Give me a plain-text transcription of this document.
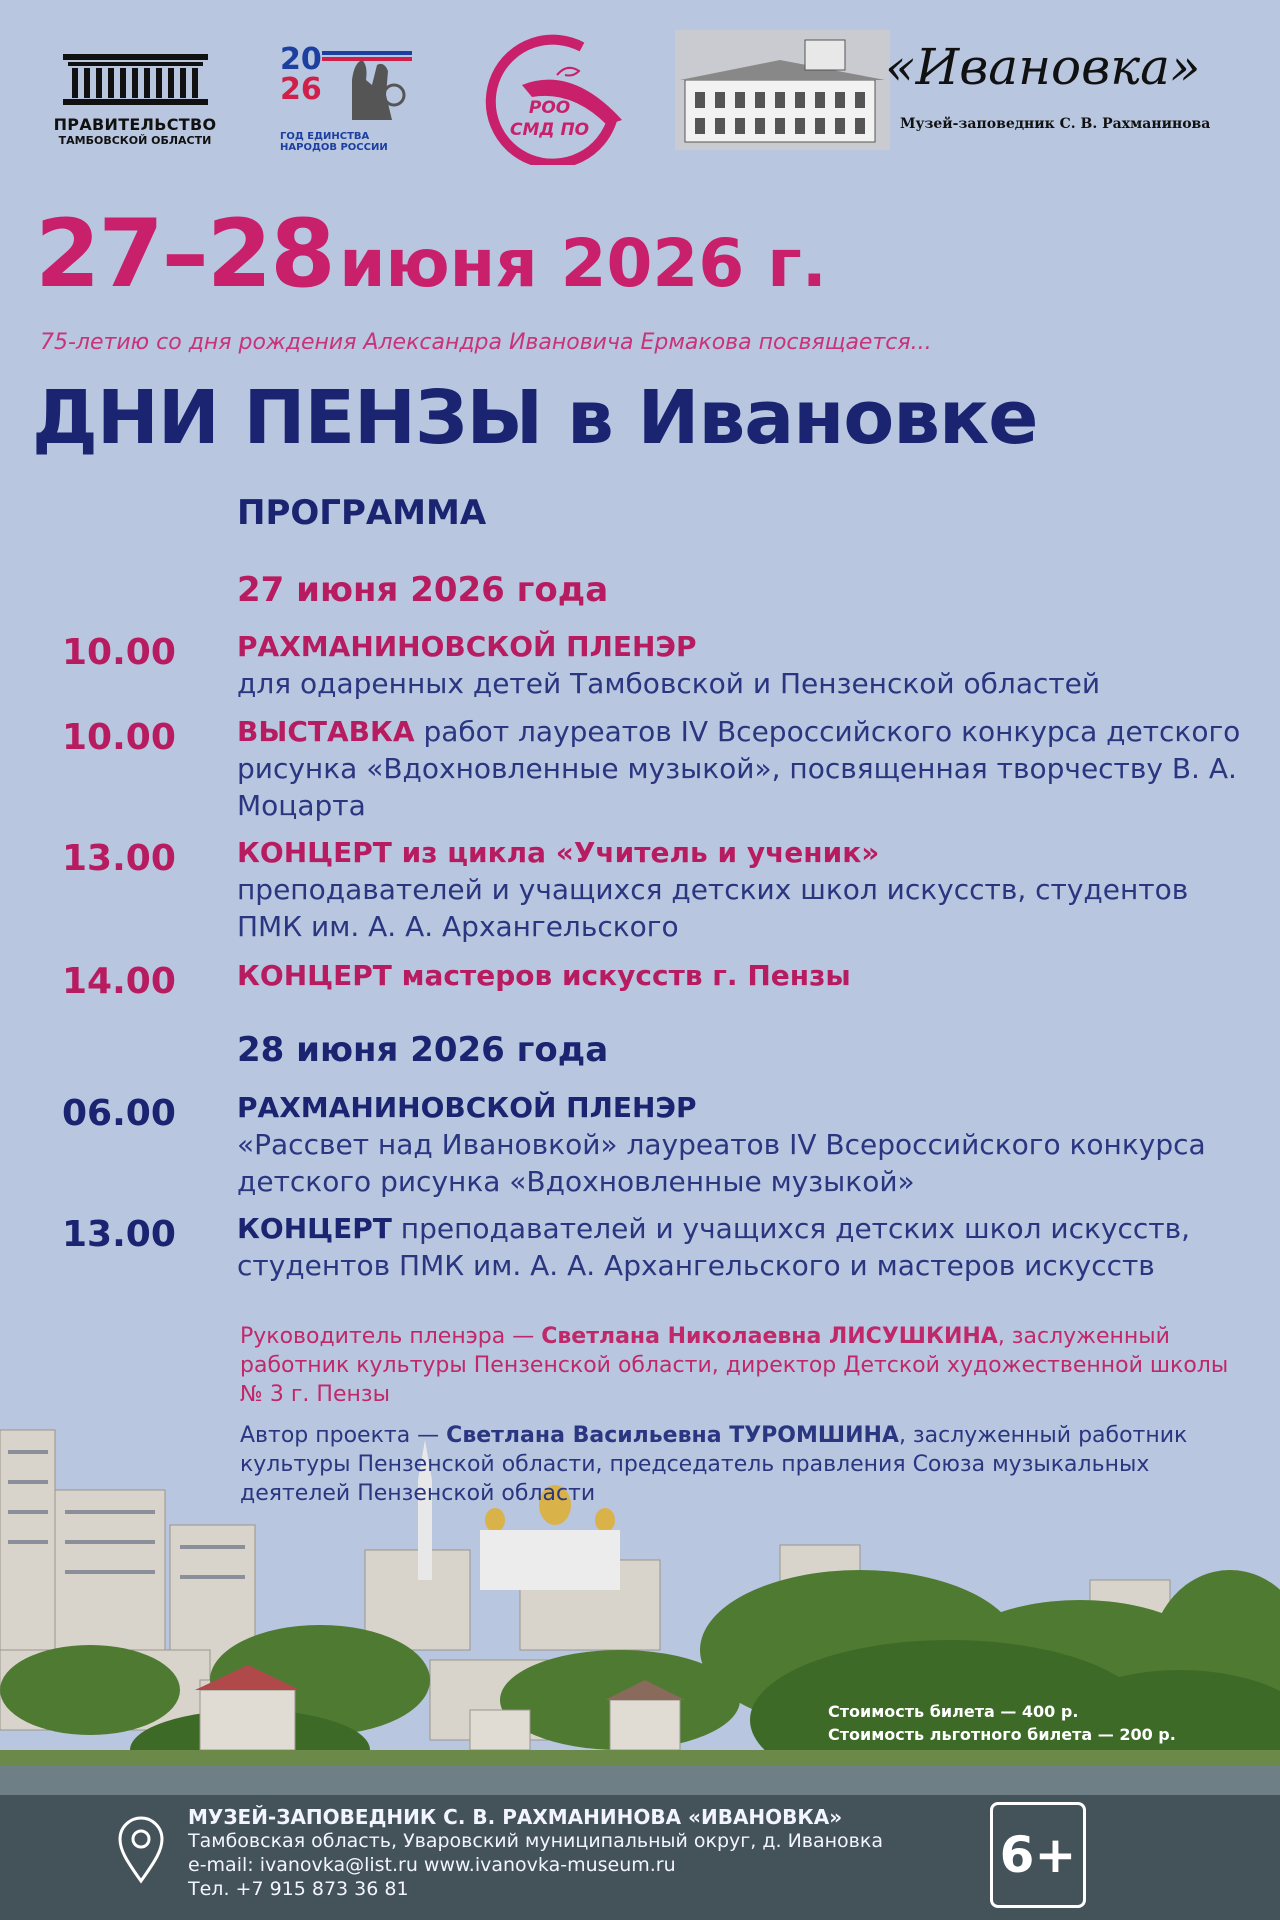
ПРАВИТЕЛЬСТВО
ТАМБОВСКОЙ ОБЛАСТИ
20
26
ГОД ЕДИНСТВА
НАРОДОВ РОССИИ
РОО
СМД ПО
«Ивановка»
Музей-заповедник С. В. Рахманинова
27–28 июня 2026 г.
75-летию со дня рождения Александра Ивановича Ермакова посвящается...
ДНИ ПЕНЗЫ в Ивановке
ПРОГРАММА
27 июня 2026 года
10.00 РАХМАНИНОВСКОЙ ПЛЕНЭР
для одаренных детей Тамбовской и Пензенской областей
10.00 ВЫСТАВКА работ лауреатов IV Всероссийского конкурса детского рисунка «Вдохновленные музыкой», посвященная творчеству В. А. Моцарта
13.00 КОНЦЕРТ из цикла «Учитель и ученик»
преподавателей и учащихся детских школ искусств, студентов ПМК им. А. А. Архангельского
14.00 КОНЦЕРТ мастеров искусств г. Пензы
28 июня 2026 года
06.00 РАХМАНИНОВСКОЙ ПЛЕНЭР
«Рассвет над Ивановкой» лауреатов IV Всероссийского конкурса детского рисунка «Вдохновленные музыкой»
13.00 КОНЦЕРТ преподавателей и учащихся детских школ искусств, студентов ПМК им. А. А. Архангельского и мастеров искусств
Стоимость билета — 400 р.
Стоимость льготного билета — 200 р.
Руководитель пленэра — Светлана Николаевна ЛИСУШКИНА, заслуженный работник культуры Пензенской области, директор Детской художественной школы № 3 г. Пензы
Автор проекта — Светлана Васильевна ТУРОМШИНА, заслуженный работник культуры Пензенской области, председатель правления Союза музыкальных деятелей Пензенской области
МУЗЕЙ-ЗАПОВЕДНИК С. В. РАХМАНИНОВА «ИВАНОВКА»
Тамбовская область, Уваровский муниципальный округ, д. Ивановка
e-mail: ivanovka@list.ru www.ivanovka-museum.ru
Тел. +7 915 873 36 81
6+
